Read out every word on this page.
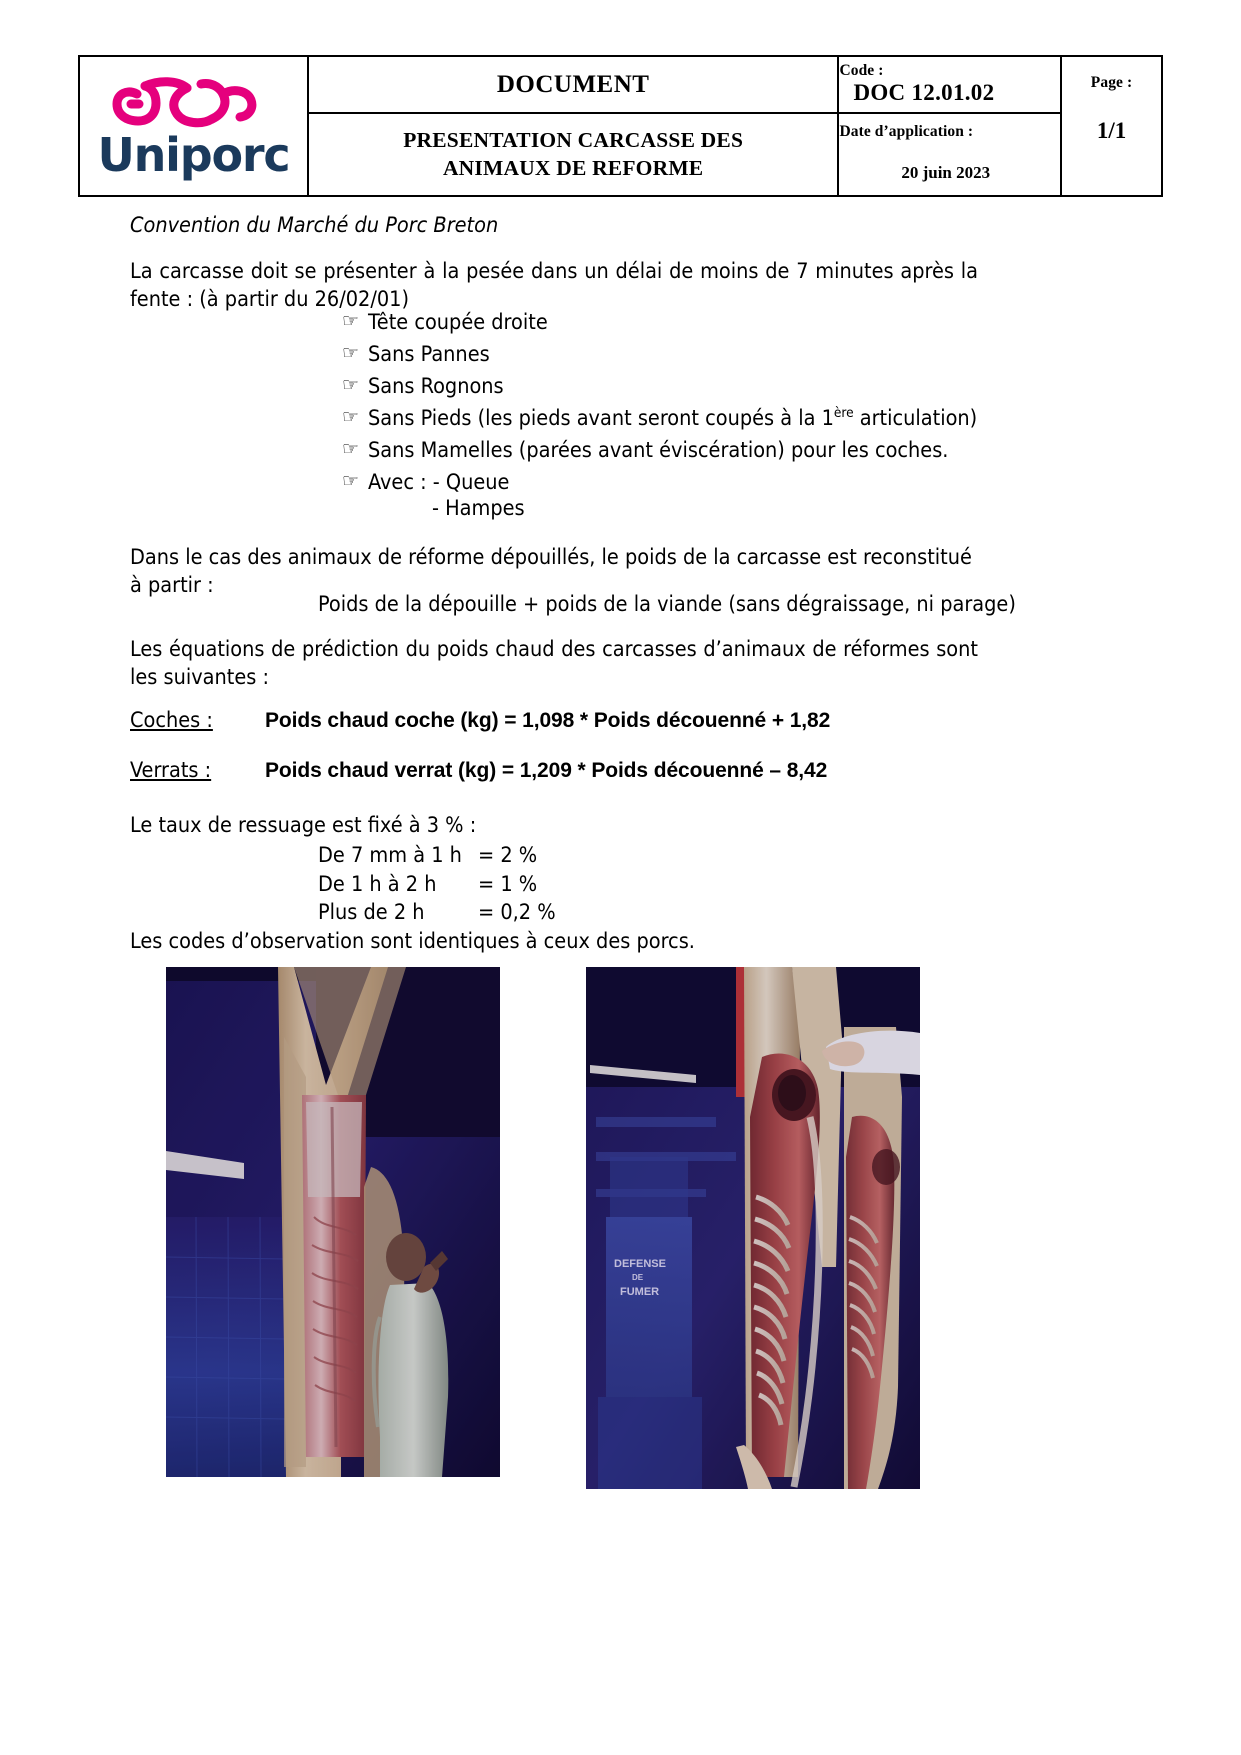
Uniporc

DOCUMENT

Code :
DOC 12.01.02	Page :
1/1

PRESENTATION CARCASSE DES
ANIMAUX DE REFORME

Date d’application :
20 juin 2023
Convention du Marché du Porc Breton
La carcasse doit se présenter à la pesée dans un délai de moins de 7 minutes après la fente : (à partir du 26/02/01)
☞ Tête coupée droite
☞ Sans Pannes
☞ Sans Rognons
☞ Sans Pieds (les pieds avant seront coupés à la 1ère articulation)
☞ Sans Mamelles (parées avant éviscération) pour les coches.
☞ Avec : - Queue
- Hampes
Dans le cas des animaux de réforme dépouillés, le poids de la carcasse est reconstitué à partir :
Poids de la dépouille + poids de la viande (sans dégraissage, ni parage)
Les équations de prédiction du poids chaud des carcasses d’animaux de réformes sont les suivantes :
Coches :	Poids chaud coche (kg) = 1,098 * Poids découenné + 1,82
Verrats :	Poids chaud verrat (kg) = 1,209 * Poids découenné – 8,42
Le taux de ressuage est fixé à 3 % :
De 7 mm à 1 h = 2 %
De 1 h à 2 h	= 1 %
Plus de 2 h	= 0,2 %
Les codes d’observation sont identiques à ceux des porcs.
DEFENSE
DE
FUMER
